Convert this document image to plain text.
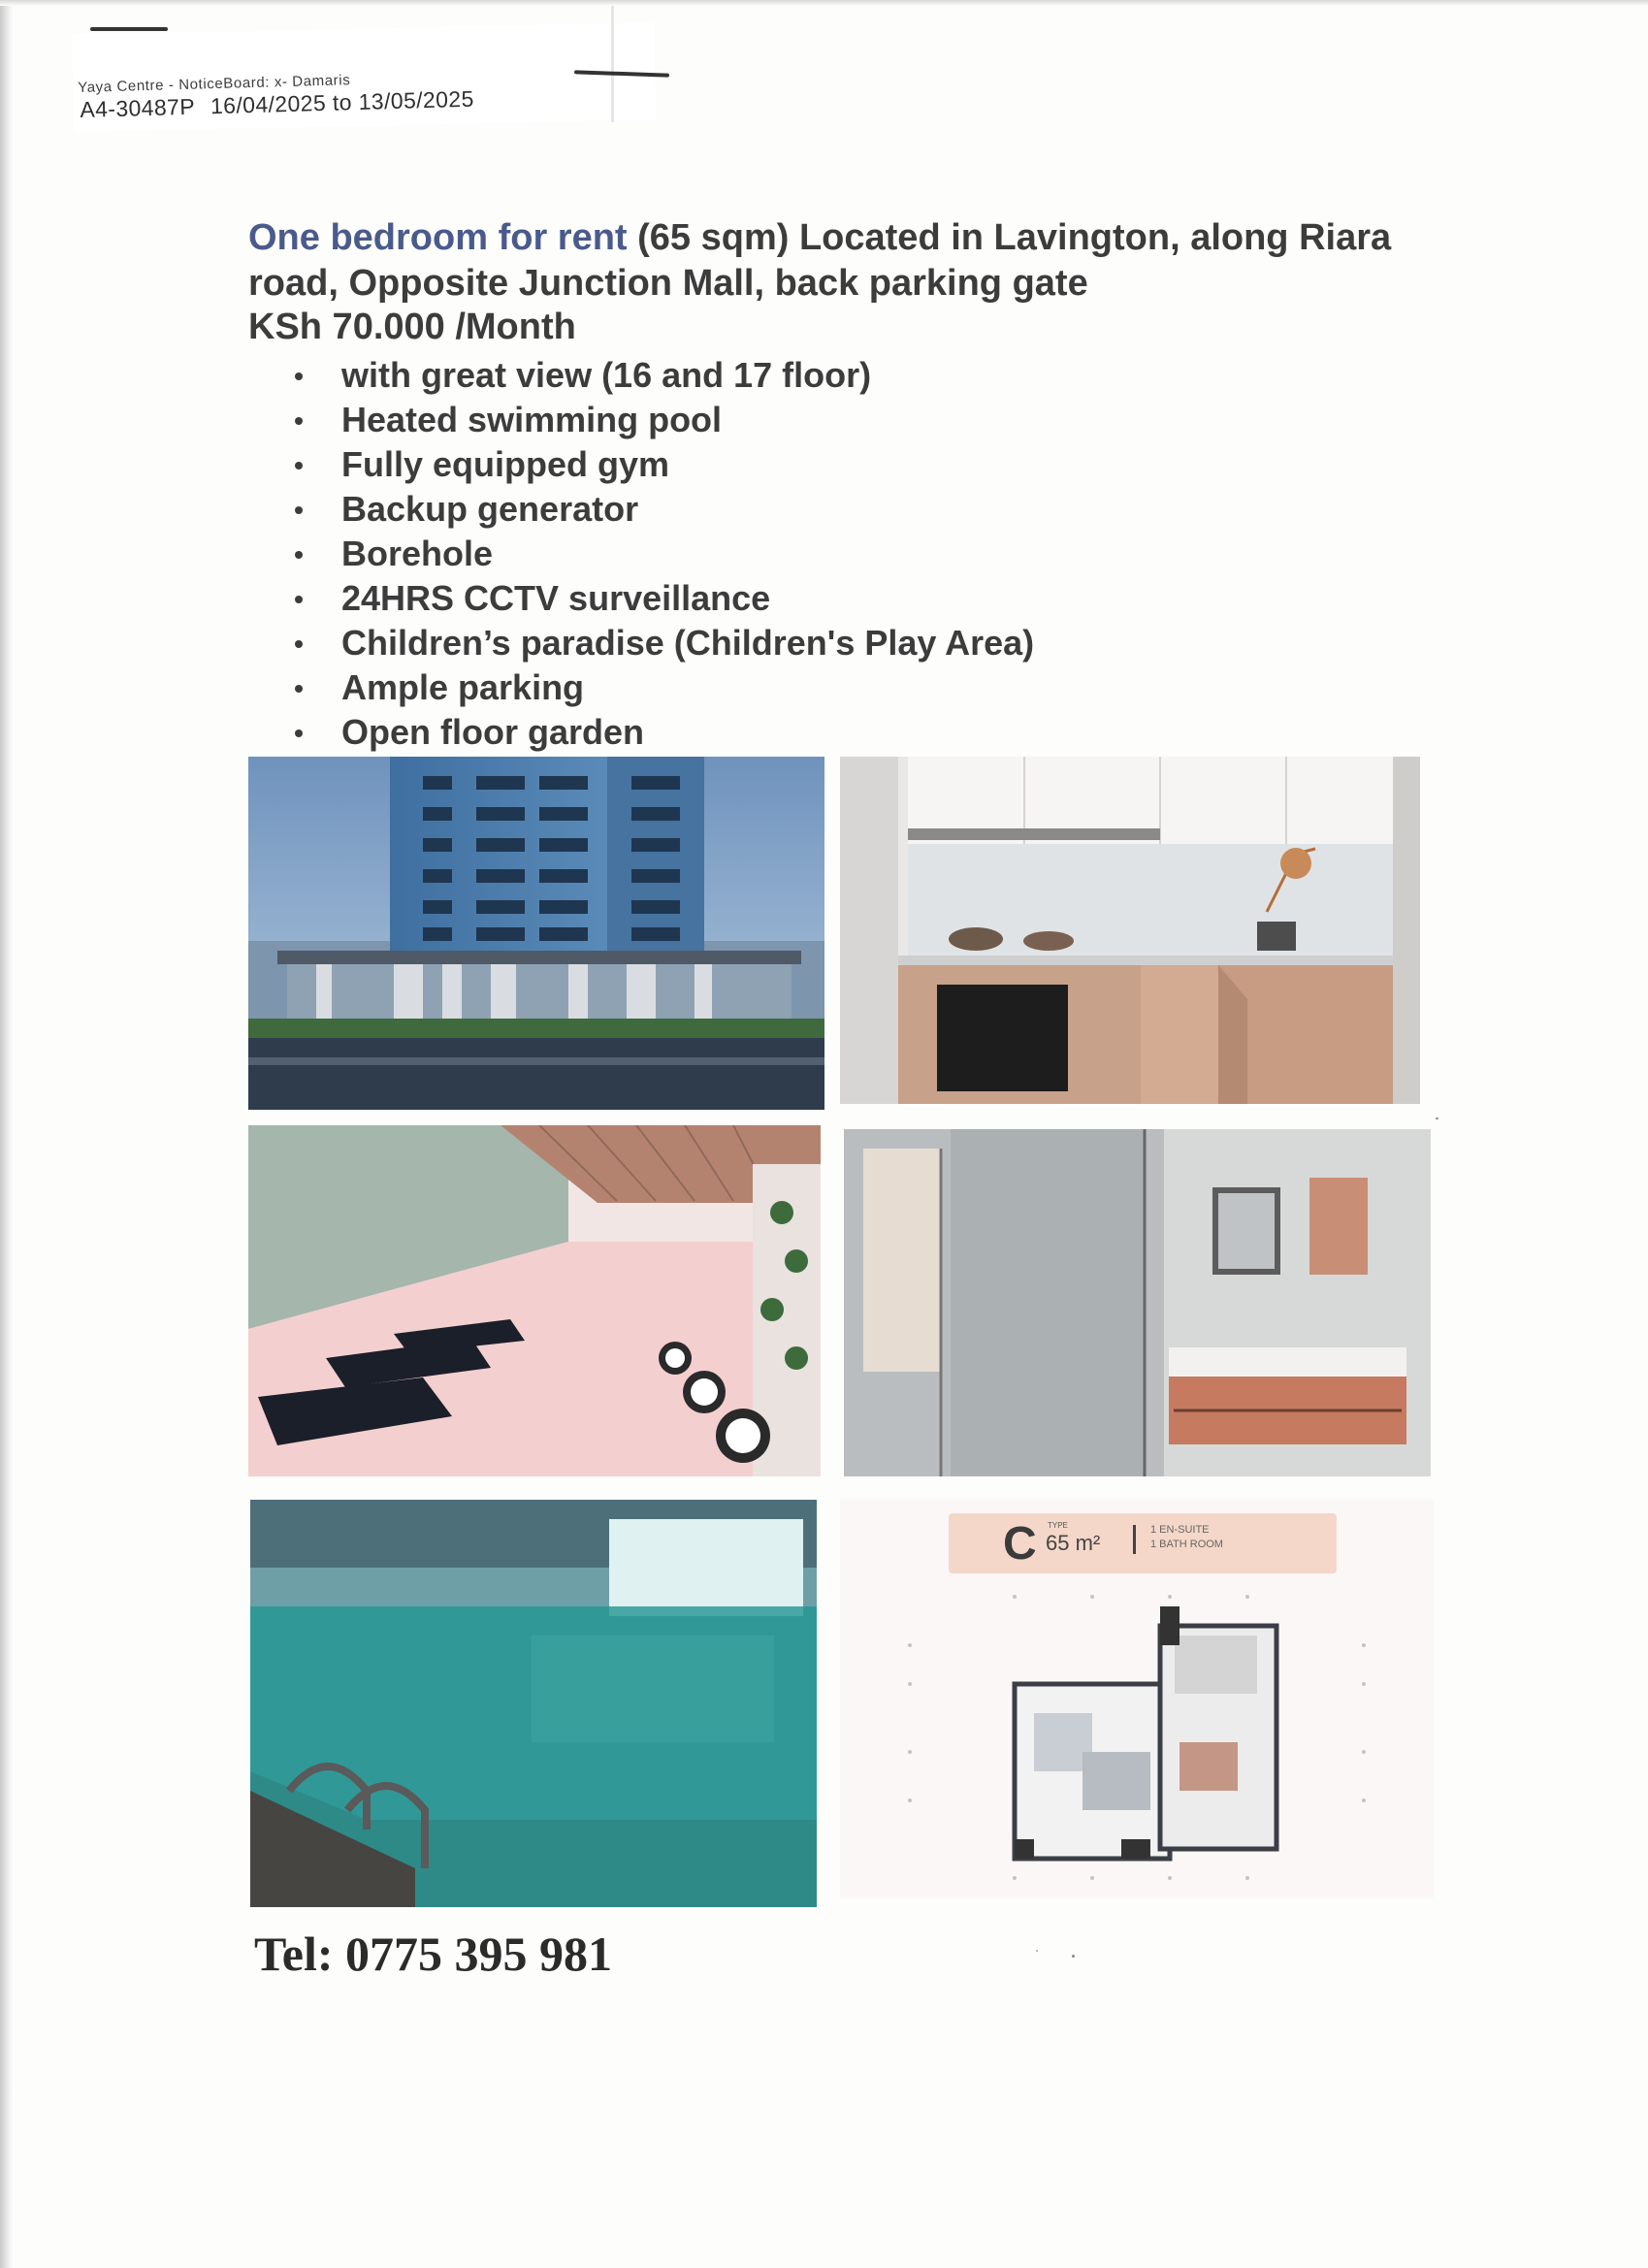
Yaya Centre - NoticeBoard: x- Damaris
A4-30487P 16/04/2025 to 13/05/2025
One bedroom for rent (65 sqm) Located in Lavington, along Riara road, Opposite Junction Mall, back parking gate
KSh 70.000 /Month
with great view (16 and 17 floor)
Heated swimming pool
Fully equipped gym
Backup generator
Borehole
24HRS CCTV surveillance
Children’s paradise (Children's Play Area)
Ample parking
Open floor garden
C TYPE
65 m²
1 EN-SUITE
1 BATH ROOM
Tel: 0775 395 981
